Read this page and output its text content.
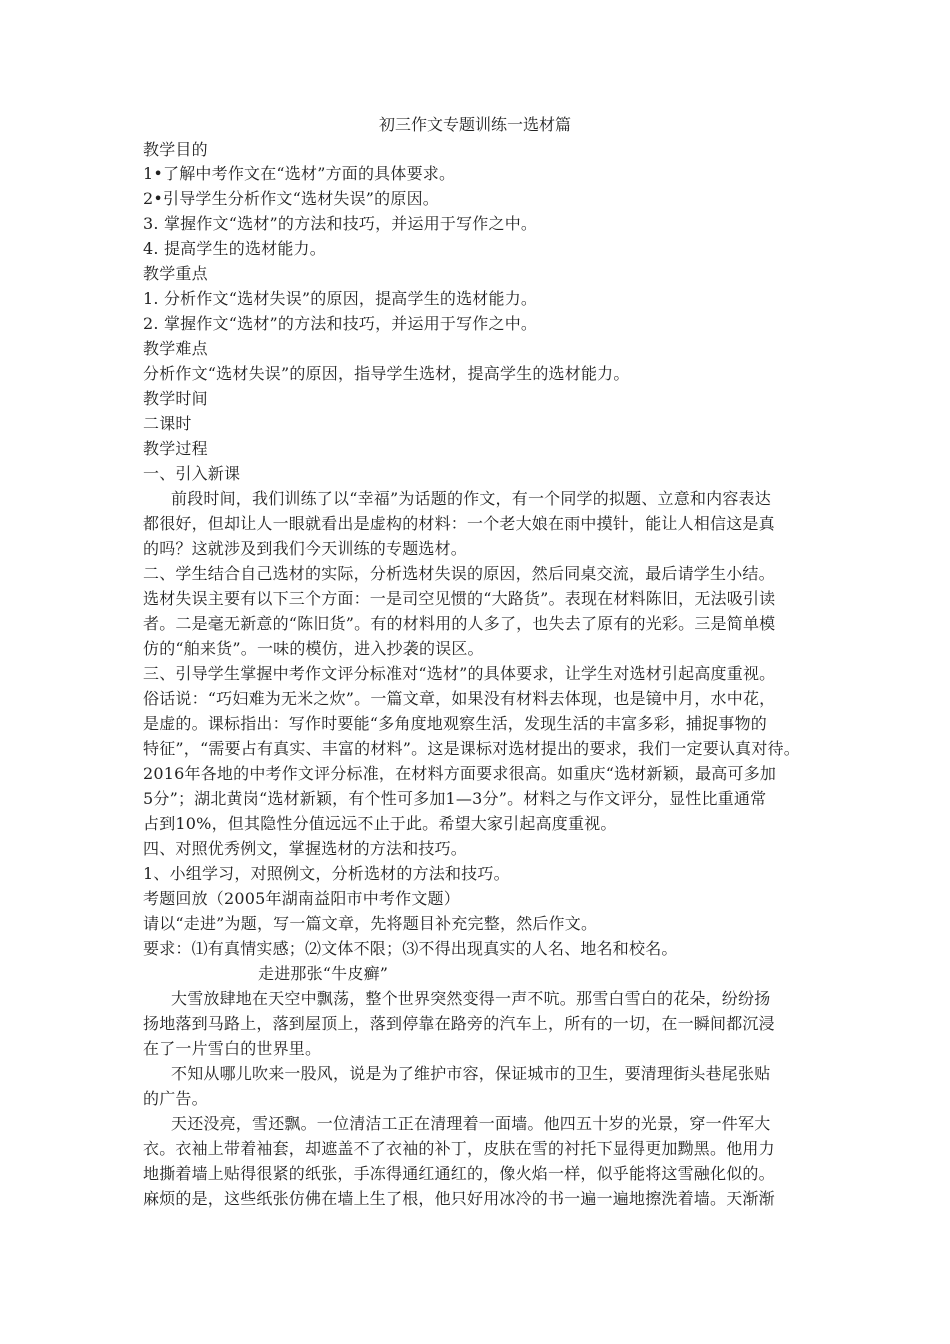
初三作文专题训练一选材篇
教学目的
1•了解中考作文在“选材”方面的具体要求。
2•引导学生分析作文“选材失误”的原因。
3. 掌握作文“选材”的方法和技巧，并运用于写作之中。
4. 提高学生的选材能力。
教学重点
1. 分析作文“选材失误”的原因，提高学生的选材能力。
2. 掌握作文“选材”的方法和技巧，并运用于写作之中。
教学难点
分析作文“选材失误”的原因，指导学生选材，提高学生的选材能力。
教学时间
二课时
教学过程
一、引入新课
前段时间，我们训练了以“幸福”为话题的作文，有一个同学的拟题、立意和内容表达
都很好，但却让人一眼就看出是虚构的材料：一个老大娘在雨中摸针，能让人相信这是真
的吗？这就涉及到我们今天训练的专题选材。
二、学生结合自己选材的实际，分析选材失误的原因，然后同桌交流，最后请学生小结。
选材失误主要有以下三个方面：一是司空见惯的“大路货”。表现在材料陈旧，无法吸引读
者。二是毫无新意的“陈旧货”。有的材料用的人多了，也失去了原有的光彩。三是简单模
仿的“舶来货”。一味的模仿，进入抄袭的误区。
三、引导学生掌握中考作文评分标准对“选材”的具体要求，让学生对选材引起高度重视。
俗话说：“巧妇难为无米之炊”。一篇文章，如果没有材料去体现，也是镜中月，水中花，
是虚的。课标指出：写作时要能“多角度地观察生活，发现生活的丰富多彩，捕捉事物的
特征”，“需要占有真实、丰富的材料”。这是课标对选材提出的要求，我们一定要认真对待。
2016年各地的中考作文评分标准，在材料方面要求很高。如重庆“选材新颖，最高可多加
5分”；湖北黄岗“选材新颖，有个性可多加1—3分”。材料之与作文评分，显性比重通常
占到10%，但其隐性分值远远不止于此。希望大家引起高度重视。
四、对照优秀例文，掌握选材的方法和技巧。
1、小组学习，对照例文，分析选材的方法和技巧。
考题回放（2005年湖南益阳市中考作文题）
请以“走进”为题，写一篇文章，先将题目补充完整，然后作文。
要求：⑴有真情实感；⑵文体不限；⑶不得出现真实的人名、地名和校名。
走进那张“牛皮癣”
大雪放肆地在天空中飘荡，整个世界突然变得一声不吭。那雪白雪白的花朵，纷纷扬
扬地落到马路上，落到屋顶上，落到停靠在路旁的汽车上，所有的一切，在一瞬间都沉浸
在了一片雪白的世界里。
不知从哪儿吹来一股风，说是为了维护市容，保证城市的卫生，要清理街头巷尾张贴
的广告。
天还没亮，雪还飘。一位清洁工正在清理着一面墙。他四五十岁的光景，穿一件军大
衣。衣袖上带着袖套，却遮盖不了衣袖的补丁，皮肤在雪的衬托下显得更加黝黑。他用力
地撕着墙上贴得很紧的纸张，手冻得通红通红的，像火焰一样，似乎能将这雪融化似的。
麻烦的是，这些纸张仿佛在墙上生了根，他只好用冰冷的书一遍一遍地擦洗着墙。天渐渐
